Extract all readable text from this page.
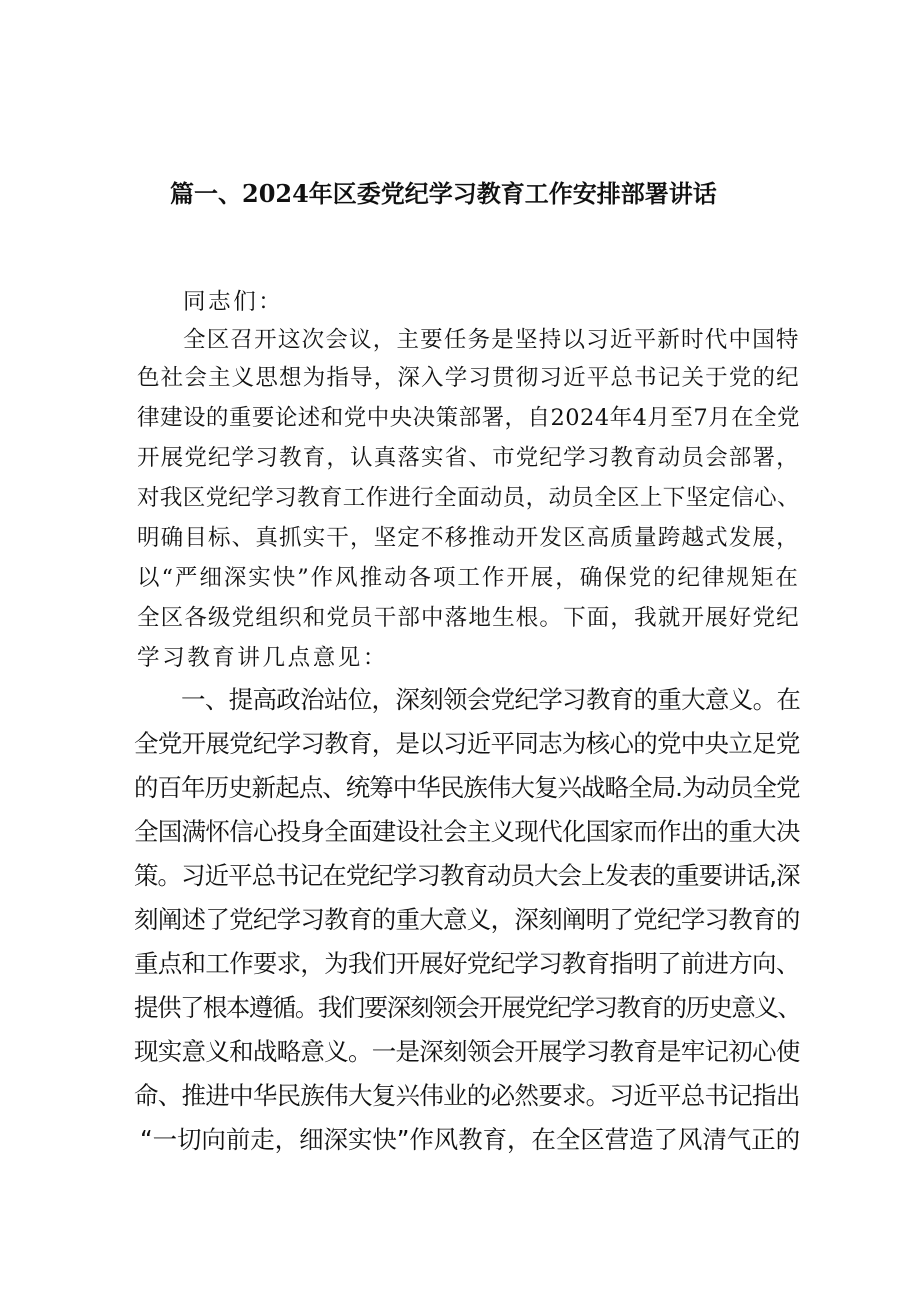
篇一、2024年区委党纪学习教育工作安排部署讲话

同志们：

全区召开这次会议，主要任务是坚持以习近平新时代中国特

色社会主义思想为指导，深入学习贯彻习近平总书记关于党的纪

律建设的重要论述和党中央决策部署，自2024年4月至7月在全党

开展党纪学习教育，认真落实省、市党纪学习教育动员会部署，

对我区党纪学习教育工作进行全面动员，动员全区上下坚定信心、

明确目标、真抓实干，坚定不移推动开发区高质量跨越式发展，

以“严细深实快”作风推动各项工作开展，确保党的纪律规矩在

全区各级党组织和党员干部中落地生根。下面，我就开展好党纪

学习教育讲几点意见：

一、提高政治站位，深刻领会党纪学习教育的重大意义。在

全党开展党纪学习教育，是以习近平同志为核心的党中央立足党

的百年历史新起点、统筹中华民族伟大复兴战略全局.为动员全党

全国满怀信心投身全面建设社会主义现代化国家而作出的重大决

策。习近平总书记在党纪学习教育动员大会上发表的重要讲话,深

刻阐述了党纪学习教育的重大意义，深刻阐明了党纪学习教育的

重点和工作要求，为我们开展好党纪学习教育指明了前进方向、

提供了根本遵循。我们要深刻领会开展党纪学习教育的历史意义、

现实意义和战略意义。一是深刻领会开展学习教育是牢记初心使

命、推进中华民族伟大复兴伟业的必然要求。习近平总书记指出

“一切向前走，细深实快”作风教育，在全区营造了风清气正的
